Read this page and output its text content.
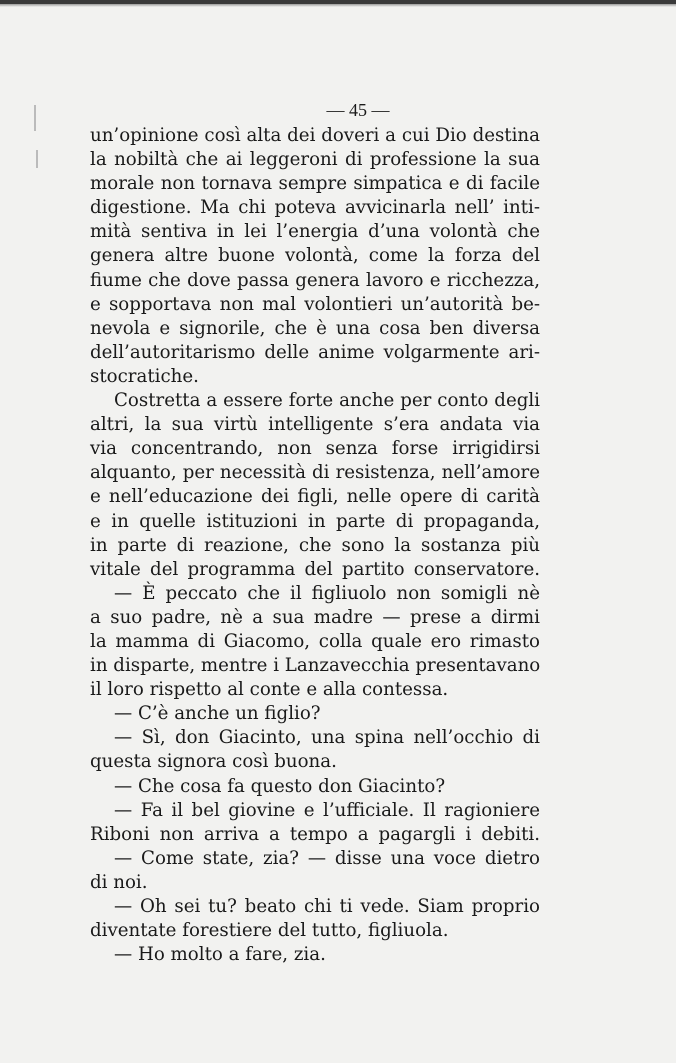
— 45 —
un’opinione così alta dei doveri a cui Dio destina
la nobiltà che ai leggeroni di professione la sua
morale non tornava sempre simpatica e di facile
digestione. Ma chi poteva avvicinarla nell’ inti-
mità sentiva in lei l’energia d’una volontà che
genera altre buone volontà, come la forza del
fiume che dove passa genera lavoro e ricchezza,
e sopportava non mal volontieri un’autorità be-
nevola e signorile, che è una cosa ben diversa
dell’autoritarismo delle anime volgarmente ari-
stocratiche.
Costretta a essere forte anche per conto degli
altri, la sua virtù intelligente s’era andata via
via concentrando, non senza forse irrigidirsi
alquanto, per necessità di resistenza, nell’amore
e nell’educazione dei figli, nelle opere di carità
e in quelle istituzioni in parte di propaganda,
in parte di reazione, che sono la sostanza più
vitale del programma del partito conservatore.
— È peccato che il figliuolo non somigli nè
a suo padre, nè a sua madre — prese a dirmi
la mamma di Giacomo, colla quale ero rimasto
in disparte, mentre i Lanzavecchia presentavano
il loro rispetto al conte e alla contessa.
— C’è anche un figlio?
— Sì, don Giacinto, una spina nell’occhio di
questa signora così buona.
— Che cosa fa questo don Giacinto?
— Fa il bel giovine e l’ufficiale. Il ragioniere
Riboni non arriva a tempo a pagargli i debiti.
— Come state, zia? — disse una voce dietro
di noi.
— Oh sei tu? beato chi ti vede. Siam proprio
diventate forestiere del tutto, figliuola.
— Ho molto a fare, zia.
